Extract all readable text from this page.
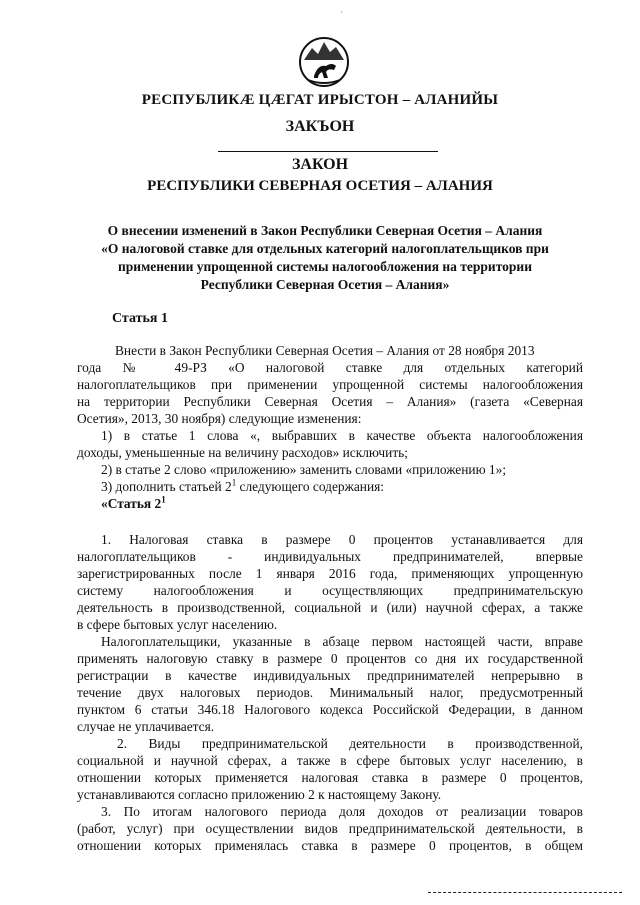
·
РЕСПУБЛИКÆ ЦÆГАТ ИРЫСТОН – АЛАНИЙЫ
ЗАКЪОН
ЗАКОН
РЕСПУБЛИКИ СЕВЕРНАЯ ОСЕТИЯ – АЛАНИЯ
О внесении изменений в Закон Республики Северная Осетия – Алания
«О налоговой ставке для отдельных категорий налогоплательщиков при
применении упрощенной системы налогообложения на территории
Республики Северная Осетия – Алания»
Статья 1
Внести в Закон Республики Северная Осетия – Алания от 28 ноября 2013
года № 49-РЗ «О налоговой ставке для отдельных категорий
налогоплательщиков при применении упрощенной системы налогообложения
на территории Республики Северная Осетия – Алания» (газета «Северная
Осетия», 2013, 30 ноября) следующие изменения:
1) в статье 1 слова «, выбравших в качестве объекта налогообложения
доходы, уменьшенные на величину расходов» исключить;
2) в статье 2 слово «приложению» заменить словами «приложению 1»;
3) дополнить статьей $2^1$ следующего содержания:
«Статья $2^1$
1. Налоговая ставка в размере 0 процентов устанавливается для
налогоплательщиков - индивидуальных предпринимателей, впервые
зарегистрированных после 1 января 2016 года, применяющих упрощенную
систему налогообложения и осуществляющих предпринимательскую
деятельность в производственной, социальной и (или) научной сферах, а также
в сфере бытовых услуг населению.
Налогоплательщики, указанные в абзаце первом настоящей части, вправе
применять налоговую ставку в размере 0 процентов со дня их государственной
регистрации в качестве индивидуальных предпринимателей непрерывно в
течение двух налоговых периодов. Минимальный налог, предусмотренный
пунктом 6 статьи 346.18 Налогового кодекса Российской Федерации, в данном
случае не уплачивается.
2. Виды предпринимательской деятельности в производственной,
социальной и научной сферах, а также в сфере бытовых услуг населению, в
отношении которых применяется налоговая ставка в размере 0 процентов,
устанавливаются согласно приложению 2 к настоящему Закону.
3. По итогам налогового периода доля доходов от реализации товаров
(работ, услуг) при осуществлении видов предпринимательской деятельности, в
отношении которых применялась ставка в размере 0 процентов, в общем
